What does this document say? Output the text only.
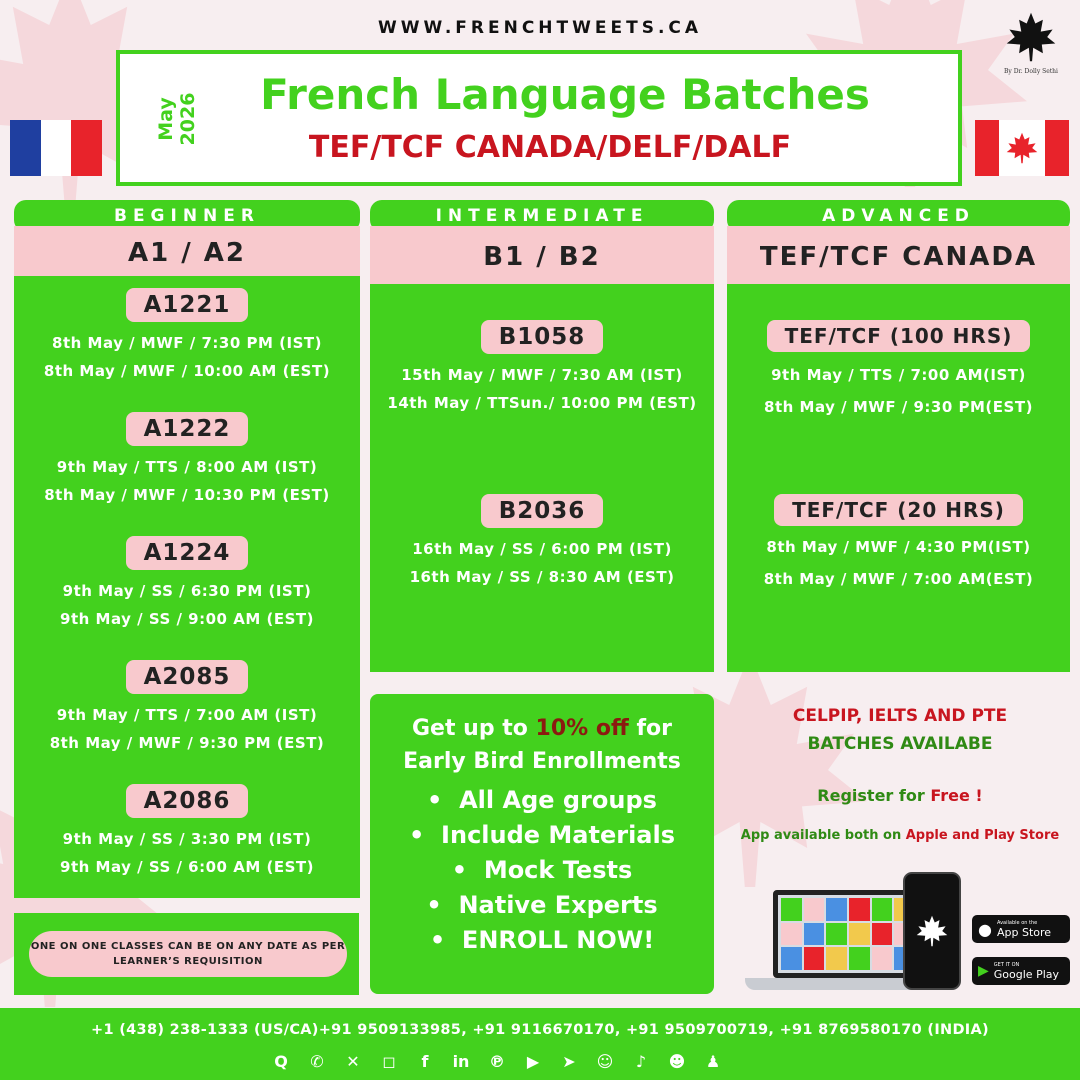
WWW.FRENCHTWEETS.CA
By Dr. Dolly Sethi
May
2026	French Language Batches
TEF/TCF CANADA/DELF/DALF
BEGINNER
A1 / A2
A1221
8th May / MWF / 7:30 PM (IST)
8th May / MWF / 10:00 AM (EST)
A1222
9th May / TTS / 8:00 AM (IST)
8th May / MWF / 10:30 PM (EST)
A1224
9th May / SS / 6:30 PM (IST)
9th May / SS / 9:00 AM (EST)
A2085
9th May / TTS / 7:00 AM (IST)
8th May / MWF / 9:30 PM (EST)
A2086
9th May / SS / 3:30 PM (IST)
9th May / SS / 6:00 AM (EST)
ONE ON ONE CLASSES CAN BE ON ANY DATE AS PER LEARNER’S REQUISITION
INTERMEDIATE
B1 / B2
B1058
15th May / MWF / 7:30 AM (IST)
14th May / TTSun./ 10:00 PM (EST)
B2036
16th May / SS / 6:00 PM (IST)
16th May / SS / 8:30 AM (EST)
ADVANCED
TEF/TCF CANADA
TEF/TCF (100 HRS)
9th May / TTS / 7:00 AM(IST)
8th May / MWF / 9:30 PM(EST)
TEF/TCF (20 HRS)
8th May / MWF / 4:30 PM(IST)
8th May / MWF / 7:00 AM(EST)
Get up to 10% off for
Early Bird Enrollments
•  All Age groups
•  Include Materials
•  Mock Tests
•  Native Experts
•  ENROLL NOW!
CELPIP, IELTS AND PTE
BATCHES AVAILABE
Register for Free !
App available both on Apple and Play Store
● Available on the
App Store
▶ GET IT ON
Google Play
+1 (438) 238-1333 (US/CA)+91 9509133985, +91 9116670170, +91 9509700719, +91 8769580170 (INDIA)
Q	✆	✕	◻	f	in	℗	▶	➤	☺	♪	☻	♟
